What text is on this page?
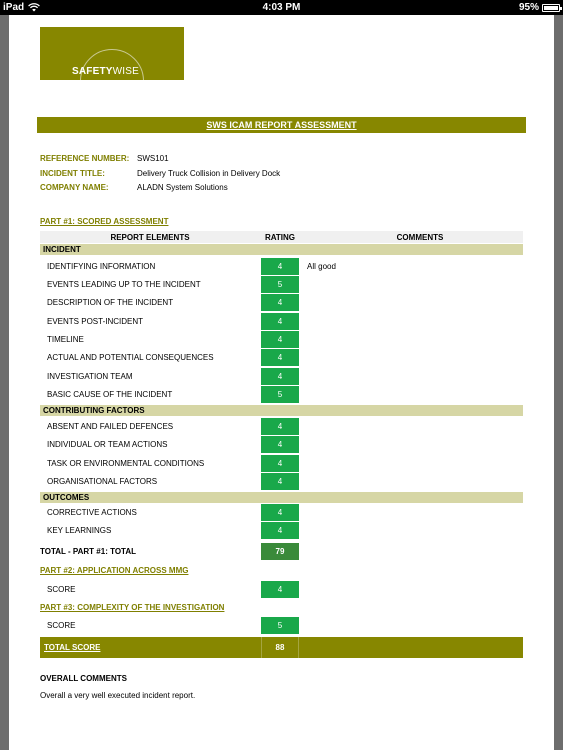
iPad	4:03 PM	95%
SAFETYWISE
SWS ICAM REPORT ASSESSMENT
REFERENCE NUMBER: SWS101
INCIDENT TITLE:	Delivery Truck Collision in Delivery Dock
COMPANY NAME:	ALADN System Solutions
PART #1: SCORED ASSESSMENT
REPORT ELEMENTS	RATING	COMMENTS
INCIDENT
IDENTIFYING INFORMATION	4	All good
EVENTS LEADING UP TO THE INCIDENT	5
DESCRIPTION OF THE INCIDENT	4
EVENTS POST-INCIDENT	4
TIMELINE	4
ACTUAL AND POTENTIAL CONSEQUENCES	4
INVESTIGATION TEAM	4
BASIC CAUSE OF THE INCIDENT	5
CONTRIBUTING FACTORS
ABSENT AND FAILED DEFENCES	4
INDIVIDUAL OR TEAM ACTIONS	4
TASK OR ENVIRONMENTAL CONDITIONS	4
ORGANISATIONAL FACTORS	4
OUTCOMES
CORRECTIVE ACTIONS	4
KEY LEARNINGS	4
TOTAL - PART #1: TOTAL	79
PART #2: APPLICATION ACROSS MMG
SCORE	4
PART #3: COMPLEXITY OF THE INVESTIGATION
SCORE	5
TOTAL SCORE	88
OVERALL COMMENTS
Overall a very well executed incident report.
